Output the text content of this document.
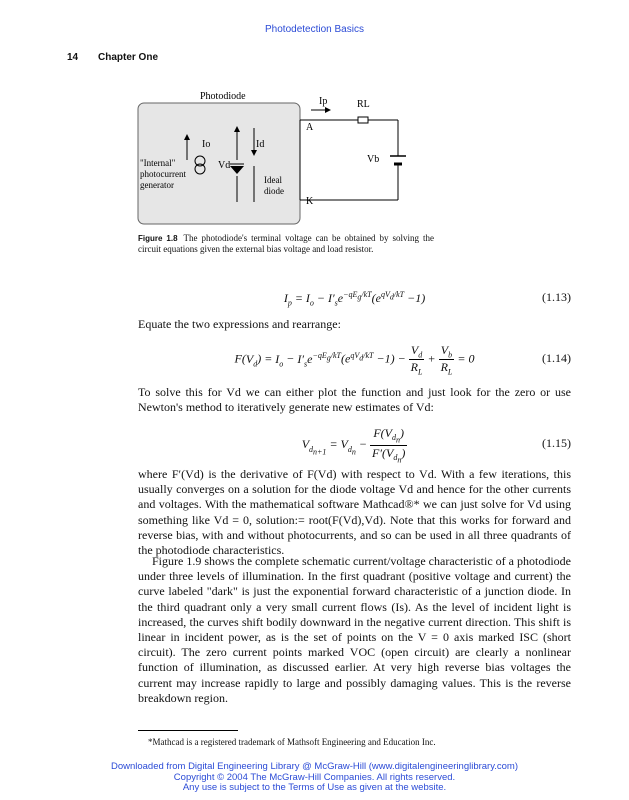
Photodetection Basics
14 Chapter One
Photodiode	Ip	RL
A
K
Io	Id
Vd
Vb
"Internal"
photocurrent
generator	Ideal
diode
Figure 1.8 The photodiode's terminal voltage can be obtained by solving the circuit equations given the external bias voltage and load resistor.
$I_p = I_o - I'_se^{-qE_g/kT}(e^{qV_d/kT} -1)$	(1.13)
Equate the two expressions and rearrange:
$F(V_d) = I_o - I'_se^{-qE_g/kT}(e^{qV_d/kT} -1) - \frac{V_d}{R_L} + \frac{V_b}{R_L} = 0$	(1.14)
To solve this for Vd we can either plot the function and just look for the zero or use Newton's method to iteratively generate new estimates of Vd:
$V_{d_{n+1}} = V_{d_n} - \frac{F(V_{d_n})}{F'(V_{d_n})}$	(1.15)
where F′(Vd) is the derivative of F(Vd) with respect to Vd. With a few iterations, this usually converges on a solution for the diode voltage Vd and hence for the other currents and voltages. With the mathematical software Mathcad®* we can just solve for Vd using something like Vd = 0, solution:= root(F(Vd),Vd). Note that this works for forward and reverse bias, with and without photocurrents, and so can be used in all three quadrants of the photodiode characteristics.
Figure 1.9 shows the complete schematic current/voltage characteristic of a photodiode under three levels of illumination. In the first quadrant (positive voltage and current) the curve labeled "dark" is just the exponential forward characteristic of a junction diode. In the third quadrant only a very small current flows (Is). As the level of incident light is increased, the curves shift bodily downward in the negative current direction. This shift is linear in incident power, as is the set of points on the V = 0 axis marked ISC (short circuit). The zero current points marked VOC (open circuit) are clearly a nonlinear function of illumination, as discussed earlier. At very high reverse bias voltages the current may increase rapidly to large and possibly damaging values. This is the reverse breakdown region.
*Mathcad is a registered trademark of Mathsoft Engineering and Education Inc.
Downloaded from Digital Engineering Library @ McGraw-Hill (www.digitalengineeringlibrary.com)
Copyright © 2004 The McGraw-Hill Companies. All rights reserved.
Any use is subject to the Terms of Use as given at the website.
